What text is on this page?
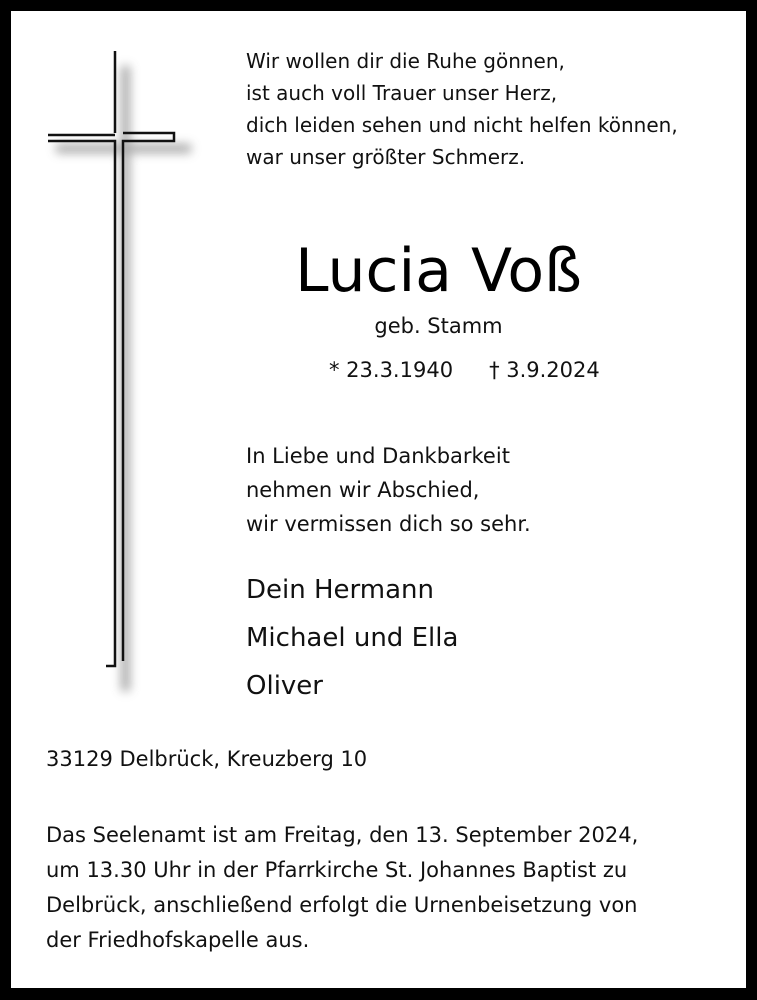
Wir wollen dir die Ruhe gönnen,
ist auch voll Trauer unser Herz,
dich leiden sehen und nicht helfen können,
war unser größter Schmerz.
Lucia Voß
geb. Stamm
* 23.3.1940 † 3.9.2024
In Liebe und Dankbarkeit
nehmen wir Abschied,
wir vermissen dich so sehr.
Dein Hermann
Michael und Ella
Oliver
33129 Delbrück, Kreuzberg 10
Das Seelenamt ist am Freitag, den 13. September 2024,
um 13.30 Uhr in der Pfarrkirche St. Johannes Baptist zu
Delbrück, anschließend erfolgt die Urnenbeisetzung von
der Friedhofskapelle aus.
